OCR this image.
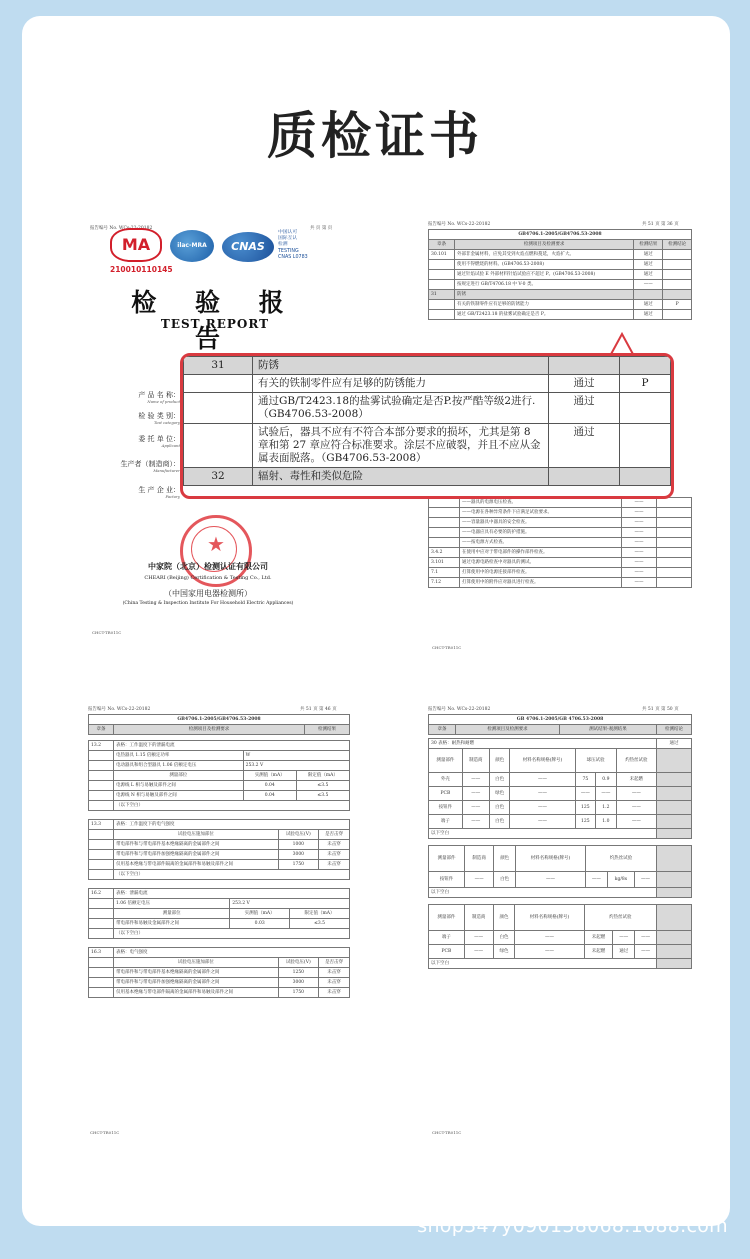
质检证书
报告编号 No. WCs-22-20182	共 页 第 页
CHCT-TR011C
MA
210010110145
ilac-MRA	CNAS
中国认可
国际互认
检测
TESTING
CNAS L0783
检 验 报 告
TEST REPORT
产 品 名 称：
Name of product
检 验 类 别：
Test category
委 托 单 位：
Applicant
生产者（制造商）：
Manufacturer
生 产 企 业：
Factory
★
中家院（北京）检测认证有限公司
CHEARI (Beijing) Certification & Testing Co., Ltd.
（中国家用电器检测所）
(China Testing & Inspection Institute For Household Electric Appliances)
报告编号 No. WCs-22-20182	共 51 页 第 36 页
GB4706.1-2005/GB4706.53-2008			
章条	检测项目及检测要求	检测结果	检测结论
30.101	外部非金属材料，应免其受到火焰点燃和蔓延，火焰扩大。	通过	
	使用不得燃烧的材料。(GB4706.53-2008)	通过	
	通过针焰试验 E 外部材料针焰试验应不超过 P。(GB4706.53-2008)	通过	
	按规定进行 GB/T4706.18 中 V-0 类。	——	
31	防锈		
	有关的铁制零件应有足够的防锈能力	通过	P
	通过 GB/T2423.18 的盐雾试验确定是否 P。	通过	
	——器具的电源电压检查。	——	
	——电源在各种异常条件下应满足试验要求。	——	
	——容量器具中器具的安全检查。	——	
	——电器应具有必要的防护措施。	——	
	——按电源方式检查。	——	
3.4.2	在使用中应对于带电部件的操作部件检查。	——	
3.101	通过电源电路检查中对器具的测试。	——	
7.1	打算使用中的电源连接部件检查。	——	
7.12	打算使用中的附件应对器具进行检查。	——	
CHCT-TR011C
31	防锈		
	有关的铁制零件应有足够的防锈能力	通过	P
	通过GB/T2423.18的盐雾试验确定是否P.按严酷等级2进行.（GB4706.53-2008）	通过	
	试验后，器具不应有不符合本部分要求的损坏，尤其是第 8 章和第 27 章应符合标准要求。涂层不应破裂，并且不应从金属表面脱落。（GB4706.53-2008）	通过	
32	辐射、毒性和类似危险		
报告编号 No. WCs-22-20182	共 51 页 第 46 页
GB4706.1-2005/GB4706.53-2008
章条	检测项目及检测要求	检测结果
13.2	表格：工作温度下的泄漏电流		
	电热器具 1.15 倍额定功率	W	
	电动器具和组合型器具 1.06 倍额定电压	253.2 V	
	测量部位	实测值（mA）	限定值（mA）
	电源线 L 相与易触及部件之间	0.04	≤3.5
	电源线 N 相与易触及部件之间	0.04	≤3.5
	（以下空白）		
13.3	表格：工作温度下的电气强度		
	试验电压施加部位	试验电压(V)	是否击穿
	带电部件和与带电部件基本绝缘隔离的金属部件之间	1000	未击穿
	带电部件和与带电部件加强绝缘隔离的金属部件之间	3000	未击穿
	仅用基本绝缘与带电部件隔离的金属部件和易触及部件之间	1750	未击穿
	（以下空白）		
16.2	表格：泄漏电流		
	1.06 倍额定电压	253.2 V	
	测量部位	实测值（mA）	限定值（mA）
	带电部件和易触及金属部件之间	0.03	≤3.5
	（以下空白）		
16.3	表格：电气强度		
	试验电压施加部位	试验电压(V)	是否击穿
	带电部件和与带电部件基本绝缘隔离的金属部件之间	1250	未击穿
	带电部件和与带电部件加强绝缘隔离的金属部件之间	3000	未击穿
	仅用基本绝缘与带电部件隔离的金属部件和易触及部件之间	1750	未击穿
CHCT-TR011C
报告编号 No. WCs-22-20182	共 51 页 第 50 页
GB 4706.1-2005/GB 4706.53-2008
章条	检测项目及检测要求	测试结果-观测结果	检测结论
30 表格：耐热和耐燃							通过
测量部件	制造商	颜色	材料名称规格(牌号)	球压试验		灼热丝试验	
外壳	——	白色	——	75	0.9	未起燃	
PCB	——	绿色	——	——	——	——	
按钮件	——	白色	——	125	1.2	——	
端子	——	白色	——	125	1.0	——	
以下空白							
测量部件	制造商	颜色	材料名称规格(牌号)	灼热丝试验			
按钮件	——	白色	——	——	kg/8s	——	
以下空白							
测量部件	制造商	颜色	材料名称规格(牌号)	灼热丝试验			
端子	——	白色	——	未起燃	——	——	
PCB	——	绿色	——	未起燃	通过	——	
以下空白							
CHCT-TR011C
shop347y090138068.1688.com
